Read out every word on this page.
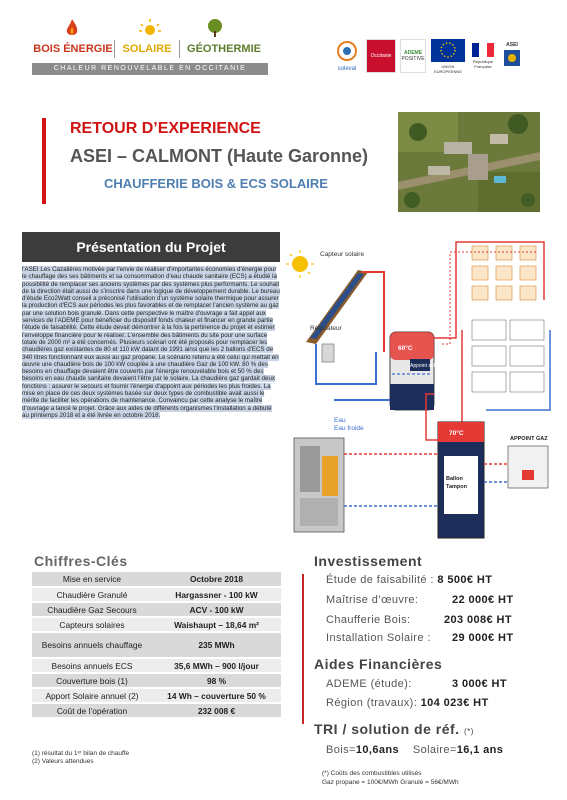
BOIS ÉNERGIE SOLAIRE	GÉOTHERMIE
CHALEUR RENOUVELABLE EN OCCITANIE	soleval
Occitanie	ADEME
POSITIVE
UNION EUROPEENNE
République Française
ASEI
RETOUR D’EXPERIENCE
ASEI – CALMONT (Haute Garonne)
CHAUFFERIE BOIS & ECS SOLAIRE
Présentation du Projet
l'ASEI Les Cazalières motivée par l'envie de réaliser d'importantes économies d'énergie pour le chauffage des ses bâtiments et sa consommation d'eau chaude sanitaire (ECS) a étudié la possibilité de remplacer ses anciens systèmes par des systèmes plus performants. Le souhait de la direction était aussi de s'inscrire dans une logique de développement durable. Le bureau d'étude Eco2Watt conseil a préconisé l'utilisation d'un système solaire thermique pour assurer la production d'ECS aux périodes les plus favorables et de remplacer l'ancien système au gaz par une solution bois granulé. Dans cette perspective le maître d'ouvrage a fait appel aux services de l'ADEME pour bénéficier du dispositif fonds chaleur et financer en grande partie l'étude de faisabilité. Cette étude devait démontrer à la fois la pertinence du projet et estimer l'enveloppe financière pour le réaliser. L'ensemble des bâtiments du site pour une surface totale de 2000 m² a été concernés. Plusieurs scénari ont été proposés pour remplacer les chaudières gaz existantes de 80 et 110 kW datant de 1991 ainsi que les 2 ballons d'ECS de 340 litres fonctionnant eux aussi au gaz propane. Le scénario retenu a été celui qui mettait en œuvre une chaudière bois de 100 kW couplée à une chaudière Gaz de 100 kW. 80 % des besoins en chauffage devaient être couverts par l'énergie renouvelable bois et 50 % des besoins en eau chaude sanitaire devaient l'être par le solaire. La chaudière gaz gardait deux fonctions : assurer le secours et fournir l'énergie d'appoint aux périodes les plus froides. La mise en place de ces deux systèmes basée sur deux types de combustible avait aussi le mérite de faciliter les opérations de maintenance. Convaincu par cette analyse le maître d'ouvrage a lancé le projet. Grâce aux aides de différents organismes l'installation a débuté au printemps 2018 et a été livrée en octobre 2018.
Capteur solaire
Régulateur
60°C
Appoint solaire
Eau
Eau froide
70°C
Ballon
Tampon
APPOINT GAZ
Chiffres-Clés
Mise en service	Octobre 2018
Chaudière Granulé	Hargassner - 100 kW
Chaudière Gaz Secours	ACV - 100 kW
Capteurs solaires	Waishaupt – 18,64 m²
Besoins annuels chauffage	235 MWh
Besoins annuels ECS	35,6 MWh – 900 l/jour
Couverture bois (1)	98 %
Apport Solaire annuel (2)	14 Wh – couverture 50 %
Coût de l’opération	232 008 €
(1) résultat du 1ᵉʳ bilan de chauffe
(2) Valeurs attendues
Investissement
Étude de faisabilité : 8 500€ HT
Maîtrise d’œuvre:	22 000€ HT
Chaufferie Bois:	203 008€ HT
Installation Solaire : 29 000€ HT
Aides Financières
ADEME (étude):	3 000€ HT
Région (travaux): 104 023€ HT
TRI / solution de réf. (*)
Bois=10,6ans Solaire=16,1 ans
(*) Coûts des combustibles utilisés
Gaz propane = 100€/MWh Granulé = 56€/MWh
